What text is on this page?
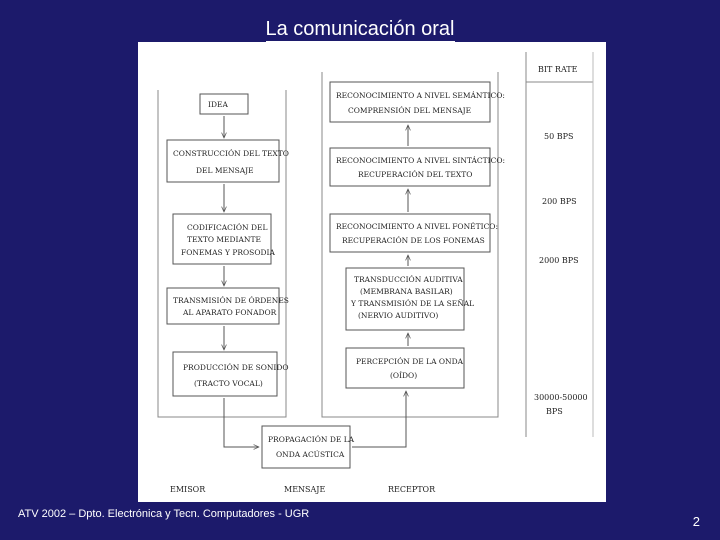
La comunicación oral
IDEA
CONSTRUCCIÓN DEL TEXTO
DEL MENSAJE
CODIFICACIÓN DEL
TEXTO MEDIANTE
FONEMAS Y PROSODIA
TRANSMISIÓN DE ÓRDENES
AL APARATO FONADOR
PRODUCCIÓN DE SONIDO
(TRACTO VOCAL)
RECONOCIMIENTO A NIVEL SEMÁNTICO:
COMPRENSIÓN DEL MENSAJE
RECONOCIMIENTO A NIVEL SINTÁCTICO:
RECUPERACIÓN DEL TEXTO
RECONOCIMIENTO A NIVEL FONÉTICO:
RECUPERACIÓN DE LOS FONEMAS
TRANSDUCCIÓN AUDITIVA
(MEMBRANA BASILAR)
Y TRANSMISIÓN DE LA SEÑAL
(NERVIO AUDITIVO)
PERCEPCIÓN DE LA ONDA
(OÍDO)
PROPAGACIÓN DE LA
ONDA ACÚSTICA
EMISOR	MENSAJE	RECEPTOR
BIT RATE
50 BPS
200 BPS
2000 BPS
30000-50000
BPS
ATV 2002 – Dpto. Electrónica y Tecn. Computadores - UGR	2
